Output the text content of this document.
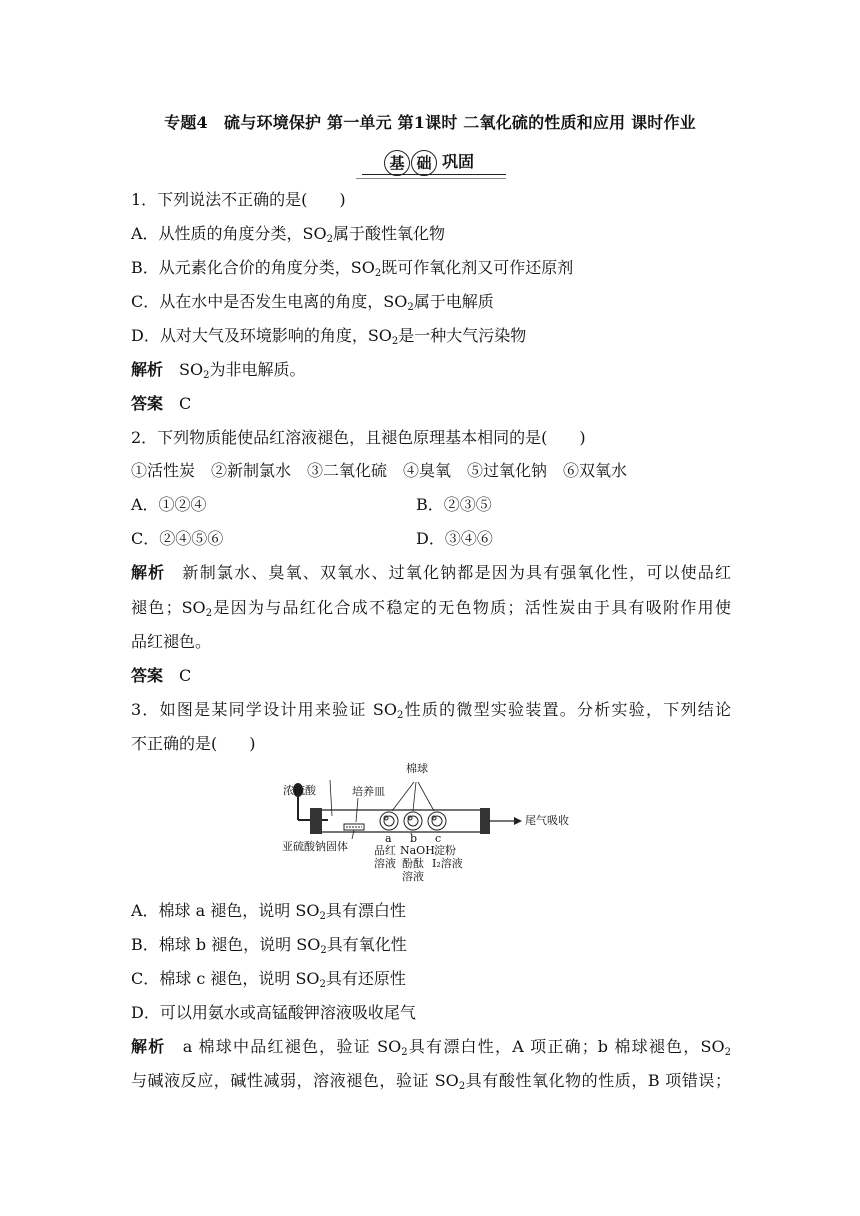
专题4　硫与环境保护 第一单元 第1课时 二氧化硫的性质和应用 课时作业
基 础 巩固
1．下列说法不正确的是(　　)
A．从性质的角度分类，$SO_2$属于酸性氧化物
B．从元素化合价的角度分类，$SO_2$既可作氧化剂又可作还原剂
C．从在水中是否发生电离的角度，$SO_2$属于电解质
D．从对大气及环境影响的角度，$SO_2$是一种大气污染物
解析　 $SO_2$为非电解质。
答案　 C
2．下列物质能使品红溶液褪色，且褪色原理基本相同的是(　　)
①活性炭　②新制氯水　③二氧化硫　④臭氧　⑤过氧化钠　⑥双氧水
A．①②④	B．②③⑤
C．②④⑤⑥	D．③④⑥
解析　 新制氯水、臭氧、双氧水、过氧化钠都是因为具有强氧化性，可以使品红
褪色；$SO_2$是因为与品红化合成不稳定的无色物质；活性炭由于具有吸附作用使
品红褪色。
答案　 C
3．如图是某同学设计用来验证 $SO_2$性质的微型实验装置。分析实验，下列结论
不正确的是(　　)
浓硫酸
棉球
培养皿
尾气吸收
亚硫酸钠固体
a b c
品红
溶液
NaOH
酚酞
溶液
淀粉
I₂溶液
A．棉球 a 褪色，说明 $SO_2$具有漂白性
B．棉球 b 褪色，说明 $SO_2$具有氧化性
C．棉球 c 褪色，说明 $SO_2$具有还原性
D．可以用氨水或高锰酸钾溶液吸收尾气
解析　 a 棉球中品红褪色，验证 $SO_2$具有漂白性，A 项正确；b 棉球褪色，$SO_2$
与碱液反应，碱性减弱，溶液褪色，验证 $SO_2$具有酸性氧化物的性质，B 项错误；
